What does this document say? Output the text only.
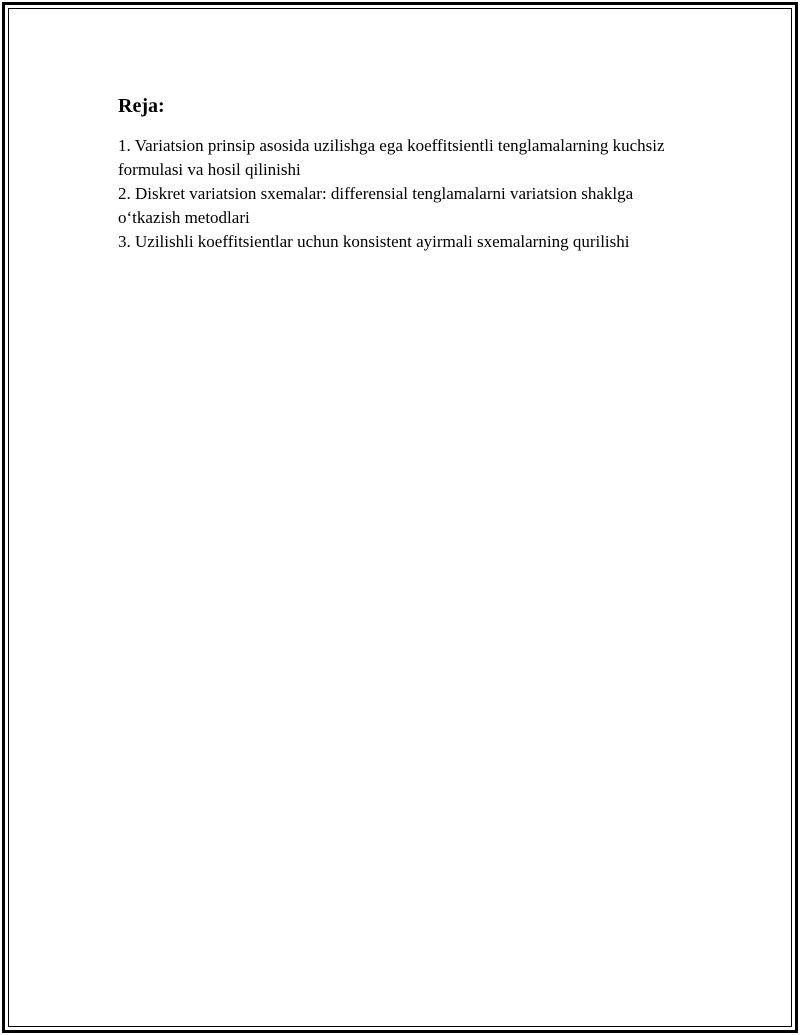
Reja:
1. Variatsion prinsip asosida uzilishga ega koeffitsientli tenglamalarning kuchsiz formulasi va hosil qilinishi
2. Diskret variatsion sxemalar: differensial tenglamalarni variatsion shaklga o‘tkazish metodlari
3. Uzilishli koeffitsientlar uchun konsistent ayirmali sxemalarning qurilishi
